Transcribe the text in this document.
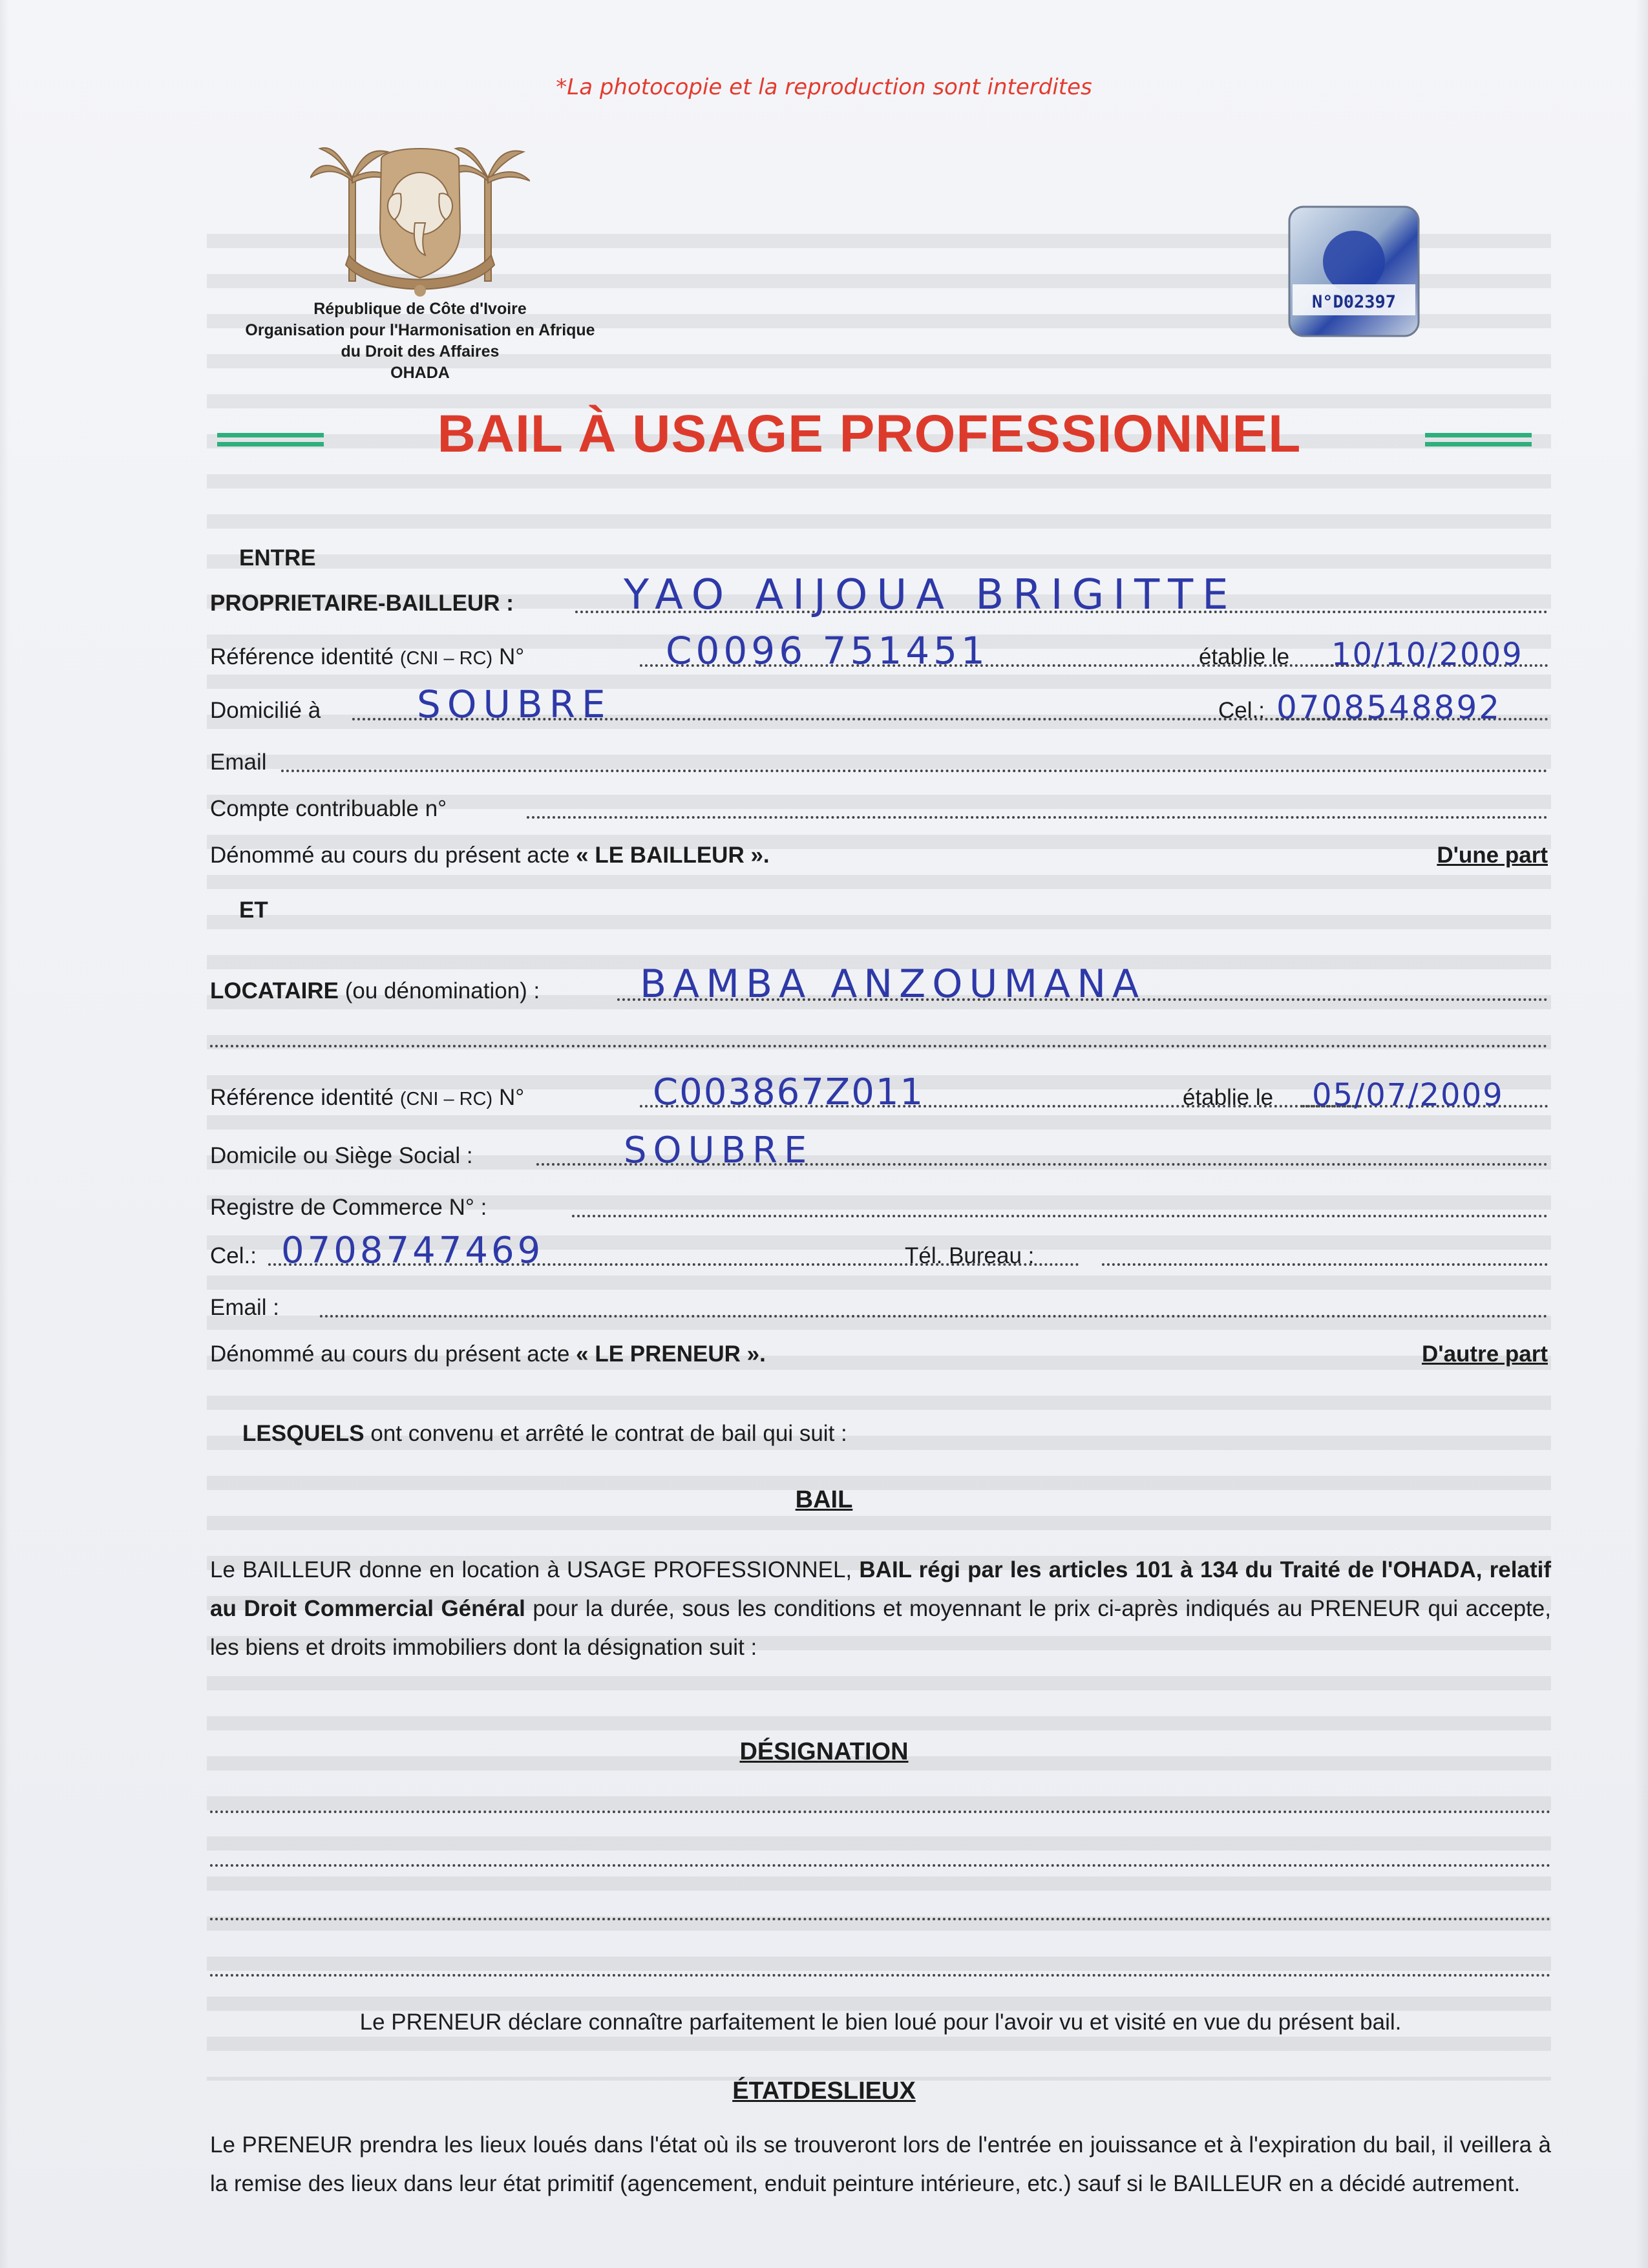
*La photocopie et la reproduction sont interdites
République de Côte d'Ivoire
Organisation pour l'Harmonisation en Afrique
du Droit des Affaires
OHADA
N°D02397
BAIL À USAGE PROFESSIONNEL
ENTRE
PROPRIETAIRE-BAILLEUR :	YAO AIJOUA BRIGITTE
Référence identité (CNI – RC) N°	C0096 751451	établie le 10/10/2009
Domicilié à	SOUBRE	Cel.: 0708548892
Email
Compte contribuable n°
Dénommé au cours du présent acte « LE BAILLEUR ».	D'une part
ET
LOCATAIRE (ou dénomination) :	BAMBA ANZOUMANA
Référence identité (CNI – RC) N°	C003867Z011	établie le 05/07/2009
Domicile ou Siège Social :	SOUBRE
Registre de Commerce N° :
Cel.: 0708747469	Tél. Bureau :
Email :
Dénommé au cours du présent acte « LE PRENEUR ».	D'autre part
LESQUELS ont convenu et arrêté le contrat de bail qui suit :
BAIL
Le BAILLEUR donne en location à USAGE PROFESSIONNEL, BAIL régi par les articles 101 à 134 du Traité de l'OHADA, relatif au Droit Commercial Général pour la durée, sous les conditions et moyennant le prix ci-après indiqués au PRENEUR qui accepte, les biens et droits immobiliers dont la désignation suit :
DÉSIGNATION
Le PRENEUR déclare connaître parfaitement le bien loué pour l'avoir vu et visité en vue du présent bail.
ÉTATDESLIEUX
Le PRENEUR prendra les lieux loués dans l'état où ils se trouveront lors de l'entrée en jouissance et à l'expiration du bail, il veillera à la remise des lieux dans leur état primitif (agencement, enduit peinture intérieure, etc.) sauf si le BAILLEUR en a décidé autrement.
